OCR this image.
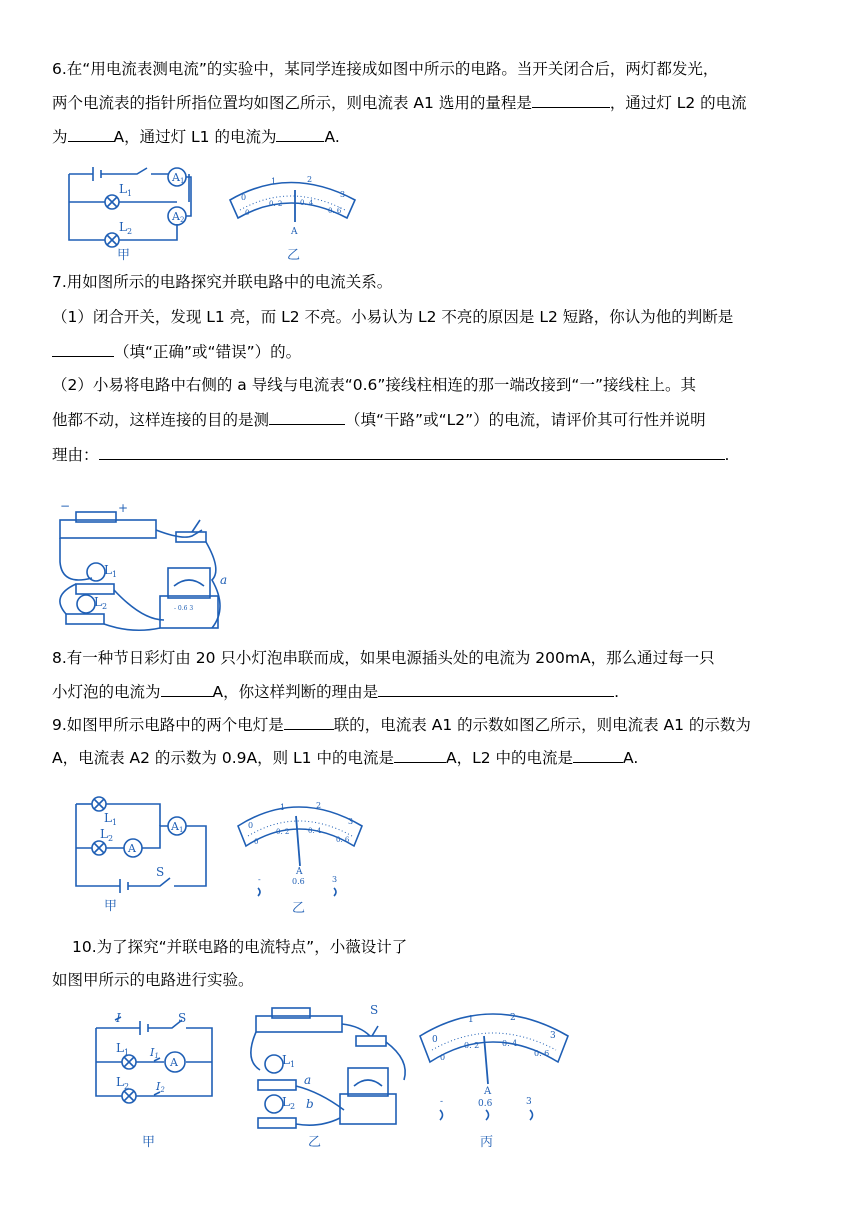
6.在“用电流表测电流”的实验中，某同学连接成如图中所示的电路。当开关闭合后，两灯都发光，
两个电流表的指针所指位置均如图乙所示，则电流表 A1 选用的量程是	，通过灯 L2 的电流
为	A，通过灯 L1 的电流为	A.
$L_1$
$L_2$
A1
A2
甲
0
1	2
3
0
0. 2	0. 4
0. 6
A
乙
7.用如图所示的电路探究并联电路中的电流关系。
（1）闭合开关，发现 L1 亮，而 L2 不亮。小易认为 L2 不亮的原因是 L2 短路，你认为他的判断是
（填“正确”或“错误”）的。
（2）小易将电路中右侧的 a 导线与电流表“0.6”接线柱相连的那一端改接到“一”接线柱上。其
他都不动，这样连接的目的是测	（填“干路”或“L2”）的电流，请评价其可行性并说明
理由：	.
−	+
$L_1$
$L_2$
a
- 0.6 3
8.有一种节日彩灯由 20 只小灯泡串联而成，如果电源插头处的电流为 200mA，那么通过每一只
小灯泡的电流为	A，你这样判断的理由是	.
9.如图甲所示电路中的两个电灯是	联的，电流表 A1 的示数如图乙所示，则电流表 A1 的示数为
A，电流表 A2 的示数为 0.9A，则 L1 中的电流是	A，L2 中的电流是	A.
$L_1$
$L_2$
A
A1
S
甲
0
1	2
3
0
0. 2	0. 4
0. 6
A
-	0.6	3
乙
10.为了探究“并联电路的电流特点”，小薇设计了
如图甲所示的电路进行实验。
I	S
$L_1$
$L_2$
I1
I2
A
甲
S
$L_1$
$L_2$
a
b
乙
0
1	2
3
0
0. 2	0. 4
0. 6
A
-	0.6	3
丙
